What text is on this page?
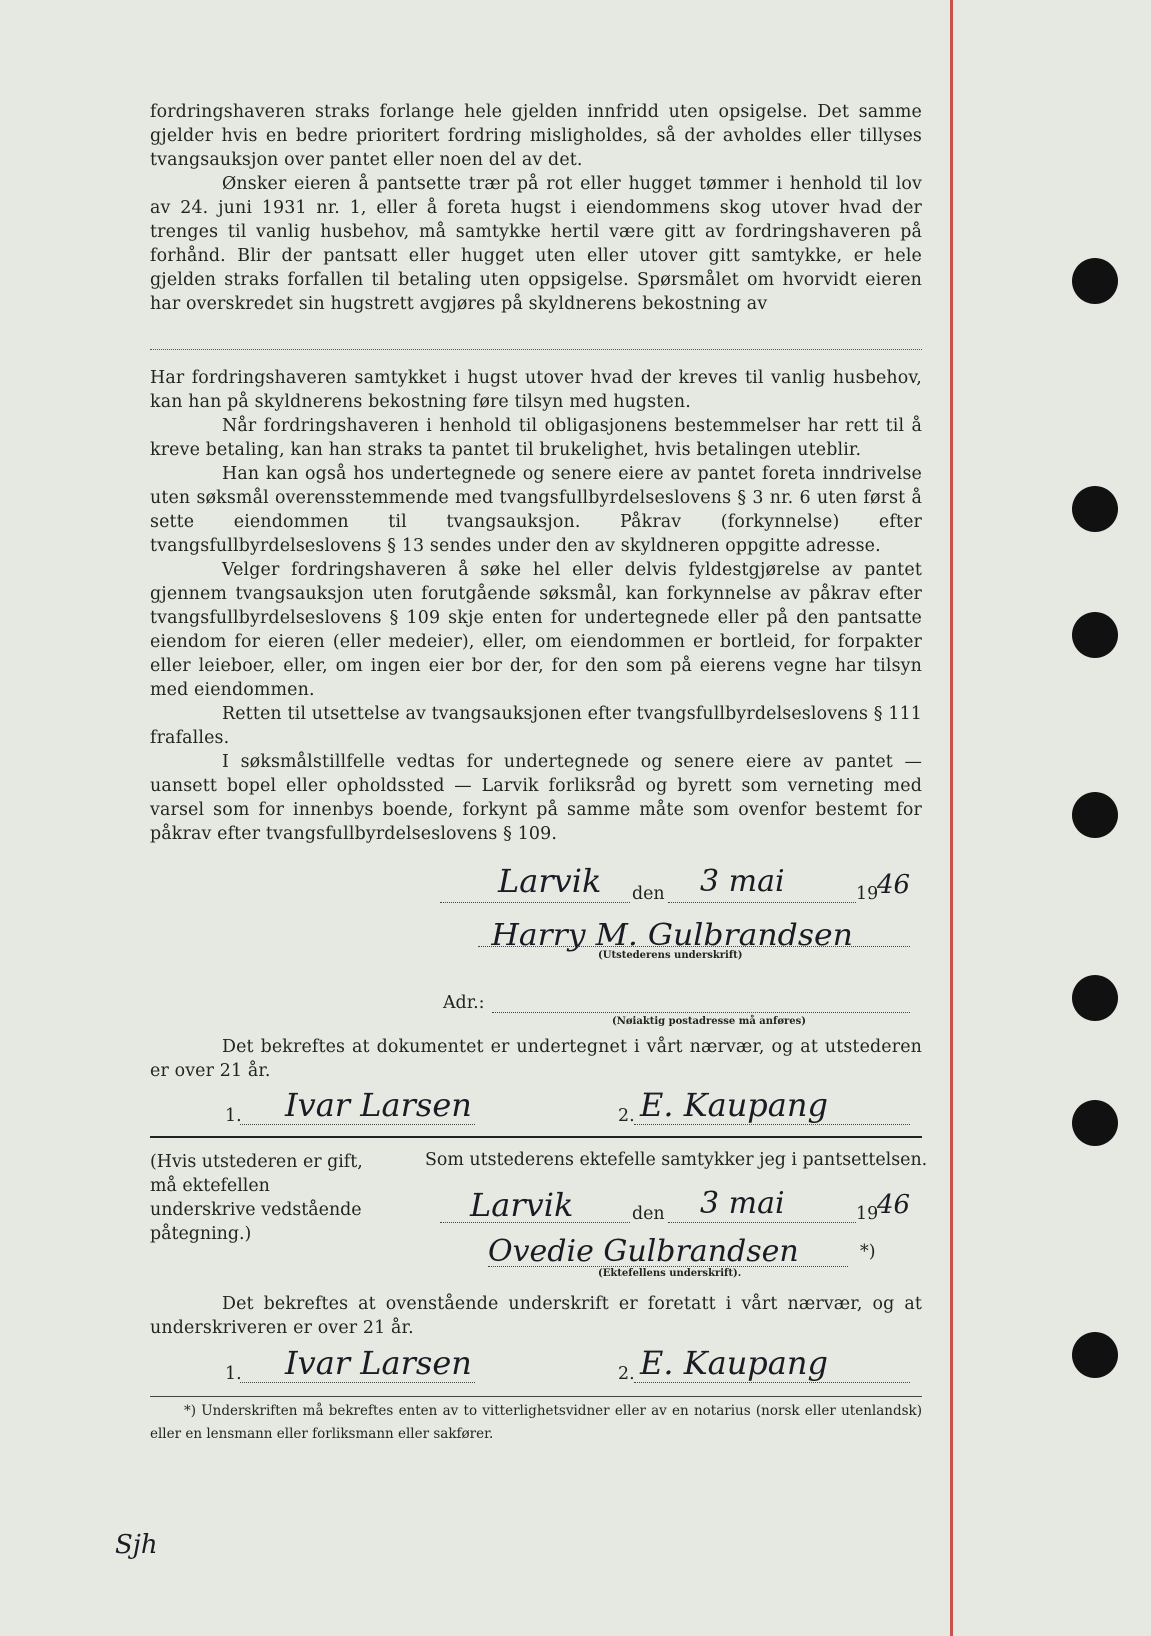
fordringshaveren straks forlange hele gjelden innfridd uten opsigelse. Det samme gjelder hvis en bedre prioritert fordring misligholdes, så der avholdes eller tillyses tvangsauksjon over pantet eller noen del av det.

Ønsker eieren å pantsette trær på rot eller hugget tømmer i henhold til lov av 24. juni 1931 nr. 1, eller å foreta hugst i eiendommens skog utover hvad der trenges til vanlig husbehov, må samtykke hertil være gitt av fordringshaveren på forhånd. Blir der pantsatt eller hugget uten eller utover gitt samtykke, er hele gjelden straks forfallen til betaling uten oppsigelse. Spørsmålet om hvorvidt eieren har overskredet sin hugstrett avgjøres på skyldnerens bekostning av

Har fordringshaveren samtykket i hugst utover hvad der kreves til vanlig husbehov, kan han på skyldnerens bekostning føre tilsyn med hugsten.

Når fordringshaveren i henhold til obligasjonens bestemmelser har rett til å kreve betaling, kan han straks ta pantet til brukelighet, hvis betalingen uteblir.

Han kan også hos undertegnede og senere eiere av pantet foreta inndrivelse uten søksmål overensstemmende med tvangsfullbyrdelseslovens § 3 nr. 6 uten først å sette eiendommen til tvangsauksjon. Påkrav (forkynnelse) efter tvangsfullbyrdelseslovens § 13 sendes under den av skyldneren oppgitte adresse.

Velger fordringshaveren å søke hel eller delvis fyldestgjørelse av pantet gjennem tvangsauksjon uten forutgående søksmål, kan forkynnelse av påkrav efter tvangsfullbyrdelseslovens § 109 skje enten for undertegnede eller på den pantsatte eiendom for eieren (eller medeier), eller, om eiendommen er bortleid, for forpakter eller leieboer, eller, om ingen eier bor der, for den som på eierens vegne har tilsyn med eiendommen.

Retten til utsettelse av tvangsauksjonen efter tvangsfullbyrdelseslovens § 111 frafalles.

I søksmålstillfelle vedtas for undertegnede og senere eiere av pantet — uansett bopel eller opholdssted — Larvik forliksråd og byrett som verneting med varsel som for innenbys boende, forkynt på samme måte som ovenfor bestemt for påkrav efter tvangsfullbyrdelseslovens § 109.

Larvik den 3 mai	19
46
Harry M. Gulbrandsen
(Utstederens underskrift)
Adr.:
(Nøiaktig postadresse må anføres)

Det bekreftes at dokumentet er undertegnet i vårt nærvær, og at utstederen er over 21 år.

1. Ivar Larsen	2. E. Kaupang
(Hvis utstederen er gift, må ektefellen underskrive vedstående påtegning.)
Som utstederens ektefelle samtykker jeg i pantsettelsen.
Larvik	den 3 mai	19
46
Ovedie Gulbrandsen	*)
(Ektefellens underskrift).

Det bekreftes at ovenstående underskrift er foretatt i vårt nærvær, og at underskriveren er over 21 år.

1. Ivar Larsen	2. E. Kaupang

*) Underskriften må bekreftes enten av to vitterlighetsvidner eller av en notarius (norsk eller utenlandsk) eller en lensmann eller forliksmann eller sakfører.

Sjh
